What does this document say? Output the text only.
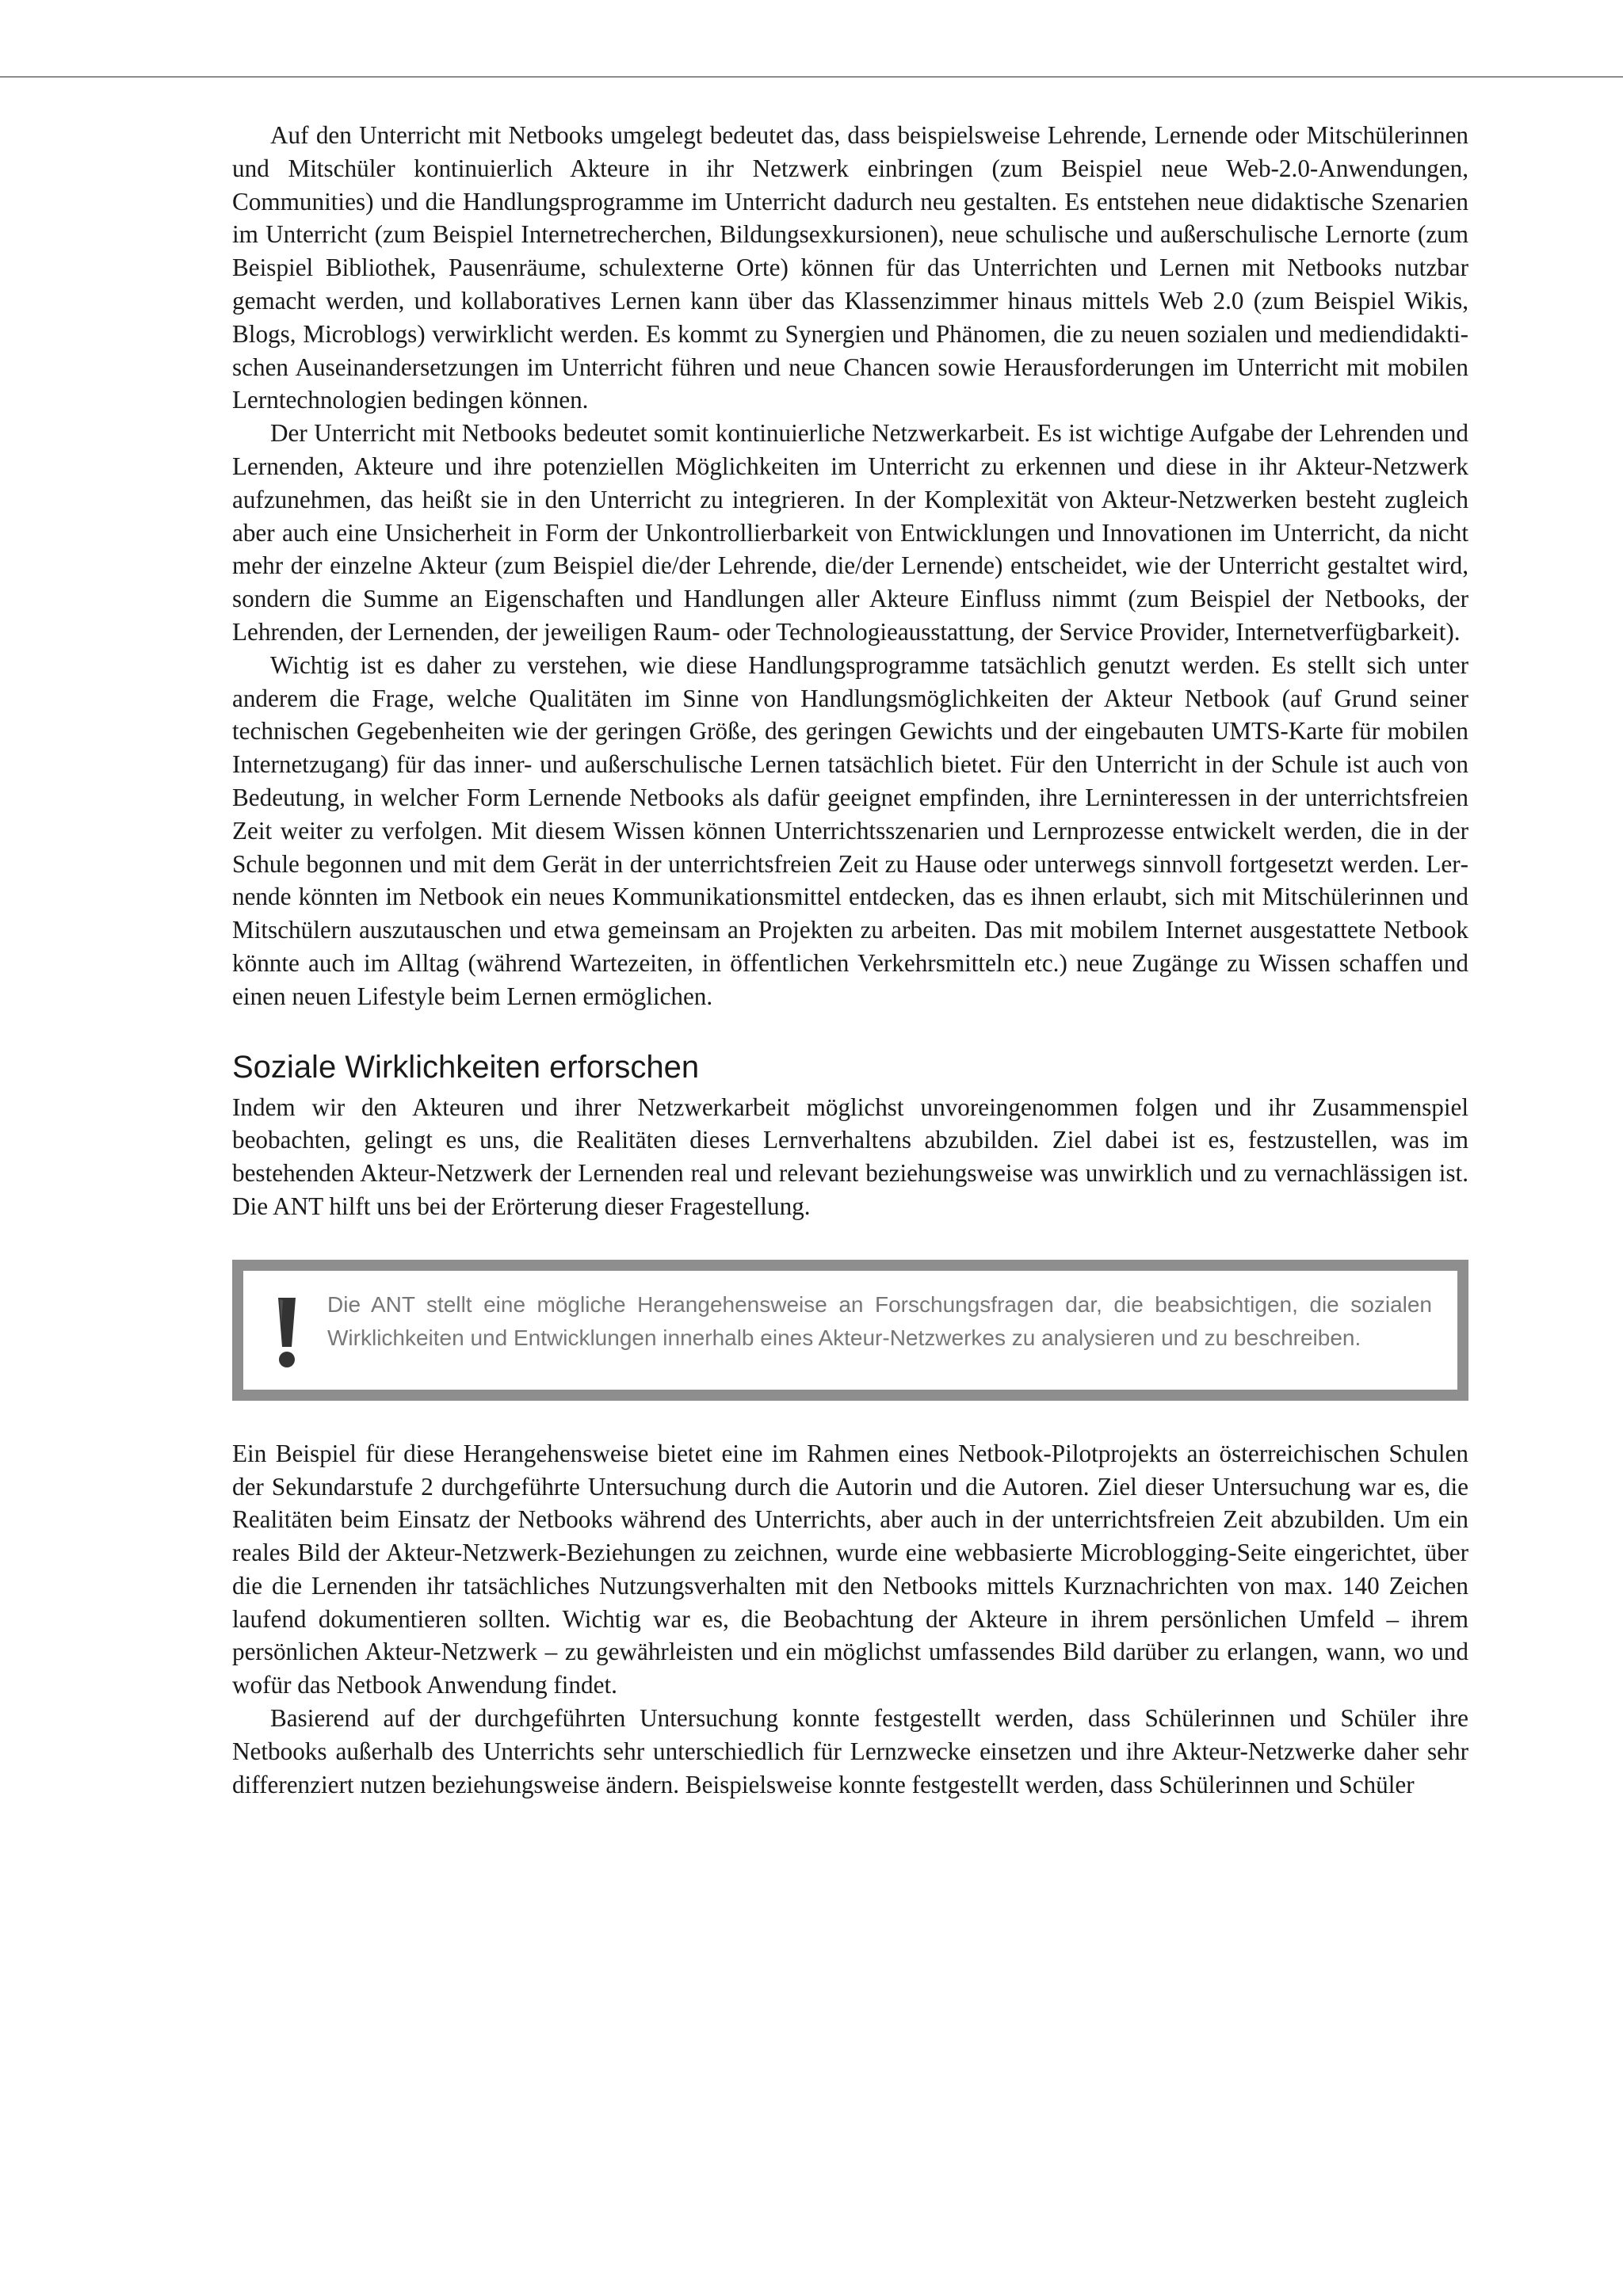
Auf den Unterricht mit Netbooks umgelegt bedeutet das, dass beispielsweise Lehrende, Lernende oder Mitschülerinnen und Mitschüler kontinuierlich Akteure in ihr Netzwerk einbringen (zum Beispiel neue Web-2.0-Anwendungen, Communities) und die Handlungsprogramme im Unterricht dadurch neu gestalten. Es entstehen neue didaktische Szenarien im Unterricht (zum Beispiel Internetrecherchen, Bildungsexkursionen), neue schulische und außerschulische Lernorte (zum Beispiel Bibliothek, Pausenräume, schulexterne Orte) können für das Unterrichten und Lernen mit Netbooks nutzbar gemacht werden, und kollaboratives Lernen kann über das Klassenzimmer hinaus mittels Web 2.0 (zum Beispiel Wikis, Blogs, Microblogs) verwirklicht werden. Es kommt zu Synergien und Phänomen, die zu neuen sozialen und mediendidaktischen Auseinandersetzungen im Unterricht führen und neue Chancen sowie Herausforderungen im Unterricht mit mobilen Lerntechnologien bedingen können.

Der Unterricht mit Netbooks bedeutet somit kontinuierliche Netzwerkarbeit. Es ist wichtige Aufgabe der Lehrenden und Lernenden, Akteure und ihre potenziellen Möglichkeiten im Unterricht zu erkennen und diese in ihr Akteur-Netzwerk aufzunehmen, das heißt sie in den Unterricht zu integrieren. In der Komplexität von Akteur-Netzwerken besteht zugleich aber auch eine Unsicherheit in Form der Unkontrollierbarkeit von Entwicklungen und Innovationen im Unterricht, da nicht mehr der einzelne Akteur (zum Beispiel die/der Lehrende, die/der Lernende) entscheidet, wie der Unterricht gestaltet wird, sondern die Summe an Eigenschaften und Handlungen aller Akteure Einfluss nimmt (zum Beispiel der Netbooks, der Lehrenden, der Lernenden, der jeweiligen Raum- oder Technologieausstattung, der Service Provider, Internetverfügbarkeit).

Wichtig ist es daher zu verstehen, wie diese Handlungsprogramme tatsächlich genutzt werden. Es stellt sich unter anderem die Frage, welche Qualitäten im Sinne von Handlungsmöglichkeiten der Akteur Netbook (auf Grund seiner technischen Gegebenheiten wie der geringen Größe, des geringen Gewichts und der eingebauten UMTS-Karte für mobilen Internetzugang) für das inner- und außerschulische Lernen tatsächlich bietet. Für den Unterricht in der Schule ist auch von Bedeutung, in welcher Form Lernende Netbooks als dafür geeignet empfinden, ihre Lerninteressen in der unterrichtsfreien Zeit weiter zu verfolgen. Mit diesem Wissen können Unterrichtsszenarien und Lernprozesse entwickelt werden, die in der Schule begonnen und mit dem Gerät in der unterrichtsfreien Zeit zu Hause oder unterwegs sinnvoll fortgesetzt werden. Lernende könnten im Netbook ein neues Kommunikationsmittel entdecken, das es ihnen erlaubt, sich mit Mitschülerinnen und Mitschülern auszutauschen und etwa gemeinsam an Projekten zu arbeiten. Das mit mobilem Internet ausgestattete Netbook könnte auch im Alltag (während Wartezeiten, in öffentlichen Verkehrsmitteln etc.) neue Zugänge zu Wissen schaffen und einen neuen Lifestyle beim Lernen ermöglichen.

Soziale Wirklichkeiten erforschen

Indem wir den Akteuren und ihrer Netzwerkarbeit möglichst unvoreingenommen folgen und ihr Zusammenspiel beobachten, gelingt es uns, die Realitäten dieses Lernverhaltens abzubilden. Ziel dabei ist es, festzustellen, was im bestehenden Akteur-Netzwerk der Lernenden real und relevant beziehungsweise was unwirklich und zu vernachlässigen ist. Die ANT hilft uns bei der Erörterung dieser Fragestellung.

Die ANT stellt eine mögliche Herangehensweise an Forschungsfragen dar, die beabsichtigen, die sozialen Wirklichkeiten und Entwicklungen innerhalb eines Akteur-Netzwerkes zu analysieren und zu beschreiben.

Ein Beispiel für diese Herangehensweise bietet eine im Rahmen eines Netbook-Pilotprojekts an österreichischen Schulen der Sekundarstufe 2 durchgeführte Untersuchung durch die Autorin und die Autoren. Ziel dieser Untersuchung war es, die Realitäten beim Einsatz der Netbooks während des Unterrichts, aber auch in der unterrichtsfreien Zeit abzubilden. Um ein reales Bild der Akteur-Netzwerk-Beziehungen zu zeichnen, wurde eine webbasierte Microblogging-Seite eingerichtet, über die die Lernenden ihr tatsächliches Nutzungsverhalten mit den Netbooks mittels Kurznachrichten von max. 140 Zeichen laufend dokumentieren sollten. Wichtig war es, die Beobachtung der Akteure in ihrem persönlichen Umfeld – ihrem persönlichen Akteur-Netzwerk – zu gewährleisten und ein möglichst umfassendes Bild darüber zu erlangen, wann, wo und wofür das Netbook Anwendung findet.

Basierend auf der durchgeführten Untersuchung konnte festgestellt werden, dass Schülerinnen und Schüler ihre Netbooks außerhalb des Unterrichts sehr unterschiedlich für Lernzwecke einsetzen und ihre Akteur-Netzwerke daher sehr differenziert nutzen beziehungsweise ändern. Beispielsweise konnte festgestellt werden, dass Schülerinnen und Schüler
